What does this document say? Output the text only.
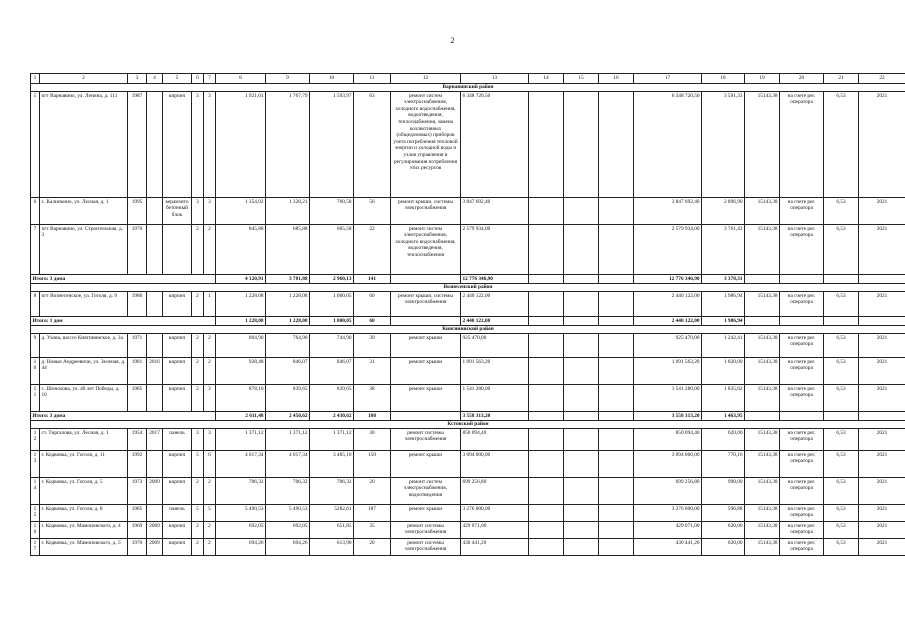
2
1	2	3	4	5	6	7	8	9	10	11	12	13	14	15	16	17	18	19	20	21	22
Варнавинский район																					
5	пгт Варнавино, ул. Ленина, д. 111	1987		кирпич	3	3	1 921,01	1 767,79	1 593,97	63	ремонт систем электроснабжения, холодного водоснабжения, водоотведения, теплоснабжения, замена коллективных (общедомовых) приборов учета потребления тепловой энергии и холодной воды и узлов управления и регулирования потребления этих ресурсов	6 348 720,50				6 348 720,50	3 591,33	15143,38	на счете рег. оператора	6,53	2021
6	с. Калинкино, ул. Лесная, д. 1	1995		керамзитобетонный блок	3	3	1 354,02	1 328,21	760,58	56	ремонт крыши, системы электроснабжения	3 847 692,40				3 847 692,40	2 896,90	15143,38	на счете рег. оператора	6,53	2021
7	пгт Варнавино, ул. Строительная, д. 3	1970			2	2	845,88	685,88	605,58	22	ремонт систем электроснабжения, холодного водоснабжения, водоотведения, теплоснабжения	2 579 934,00				2 579 934,00	3 761,43	15143,38	на счете рег. оператора	6,53	2021
Итого: 3 дома							4 120,91	3 781,88	2 960,13	141		12 776 346,90				12 776 346,90	3 378,31				
Вознесенский район																					
8	пгт Вознесенское, ул. Гоголя, д. 9	1980		кирпич	2	1	1 228,08	1 228,08	1 000,05	60	ремонт крыши, системы электроснабжения	2 440 122,00				2 440 122,00	1 986,94	15143,38	на счете рег. оператора	6,53	2021
Итого: 1 дом							1 228,08	1 228,08	1 000,05	60		2 440 122,00				2 440 122,00	1 986,94				
Княгининский район																					
9	д. Ухова, шоссе Княгининское, д. 3а	1971		кирпич	2	2	804,90	764,90	744,90	39	ремонт крыши	925 470,00				925 470,00	1 242,41	15143,38	на счете рег. оператора	6,53	2021
10	д. Новые Андреевичи, ул. Зеленая, д. 44	1981	2016	кирпич	2	2	928,48	846,07	846,07	31	ремонт крыши	1 091 563,20				1 091 563,20	1 820,00	15143,38	на счете рег. оператора	6,53	2021
11	с. Шонохова, ул. 40 лет Победы, д. 10	1985		кирпич	2	3	878,10	839,65	839,65	38	ремонт крыши	1 541 280,00				1 541 280,00	1 835,62	15143,38	на счете рег. оператора	6,53	2021
Итого: 3 дома							2 611,48	2 450,62	2 430,62	108		3 558 313,20				3 558 313,20	1 463,95				
Кстовский район																					
12	ст. Тиргалова, ул. Лесная, д. 1	1954	2017	панель	3	3	1 371,12	1 371,12	1 371,12	30	ремонт системы электроснабжения	850 094,40				850 094,40	620,00	15143,38	на счете рег. оператора	6,53	2021
13	г. Кодвовка, ул. Гоголя, д. 11	1992		кирпич	5	6	4 017,34	4 017,34	3 485,10	150	ремонт крыши	3 094 000,00				3 094 000,00	770,16	15143,38	на счете рег. оператора	6,53	2021
14	г. Кодвовка, ул. Гоголя, д. 5	1973	2009	кирпич	2	2	706,32	706,32	706,32	20	ремонт систем электроснабжения, водоотведения	699 256,80				699 256,80	990,00	15143,38	на счете рег. оператора	6,53	2021
15	г. Кодвовка, ул. Гоголя, д. 8	1985		панель	5	5	5 490,53	5 490,53	5282,61	187	ремонт крыши	3 276 000,00				3 276 000,00	596,88	15143,38	на счете рег. оператора	6,53	2021
16	г. Кодвовка, ул. Мамоновского, д. 4	1969	2009	кирпич	2	2	692,05	692,05	651,85	35	ремонт системы электроснабжения	429 071,00				429 071,00	620,00	15143,38	на счете рег. оператора	6,53	2021
17	г. Кодвовка, ул. Мамоновского, д. 5	1970	2009	кирпич	2	2	694,26	694,26	613,90	20	ремонт системы электроснабжения	430 441,20				430 441,20	620,00	15143,38	на счете рег. оператора	6,53	2021
